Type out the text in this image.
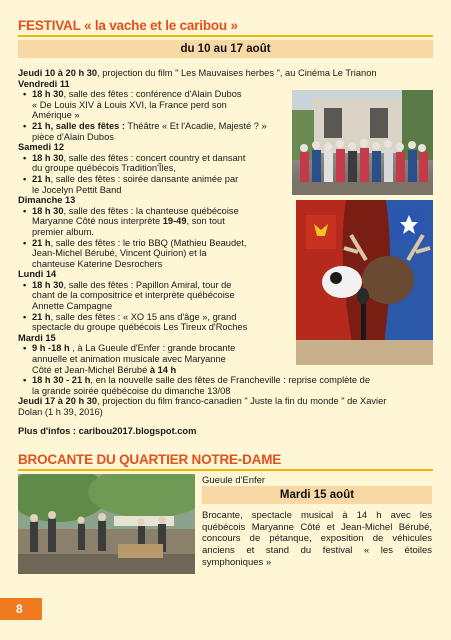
FESTIVAL « la vache et le caribou »
du 10 au 17 août
Jeudi 10 à 20 h 30, projection du film " Les Mauvaises herbes ", au Cinéma Le Trianon
Vendredi 11
• 18 h 30, salle des fêtes : conférence d'Alain Dubos
« De Louis XIV à Louis XVI, la France perd son
Amérique »
• 21 h, salle des fêtes : Théâtre « Et l'Acadie, Majesté ? »
pièce d'Alain Dubos
Samedi 12
• 18 h 30, salle des fêtes : concert country et dansant
du groupe québécois Tradition'Îles,
• 21 h, salle des fêtes : soirée dansante animée par
le Jocelyn Pettit Band
Dimanche 13
• 18 h 30, salle des fêtes : la chanteuse québécoise
Maryanne Côté nous interprète 19-49, son tout
premier album.
• 21 h, salle des fêtes : le trio BBQ (Mathieu Beaudet,
Jean-Michel Bérubé, Vincent Quirion) et la
chanteuse Katerine Desrochers
Lundi 14
• 18 h 30, salle des fêtes : Papillon Amiral, tour de
chant de la compositrice et interprète québécoise
Annette Campagne
• 21 h, salle des fêtes : « XO 15 ans d'âge », grand
spectacle du groupe québécois Les Tireux d'Roches
Mardi 15
• 9 h -18 h , à La Gueule d'Enfer : grande brocante
annuelle et animation musicale avec Maryanne
Côté et Jean-Michel Bérubé à 14 h
• 18 h 30 - 21 h, en la nouvelle salle des fêtes de Francheville : reprise complète de
la grande soirée québécoise du dimanche 13/08
Jeudi 17 à 20 h 30, projection du film franco-canadien " Juste la fin du monde " de Xavier
Dolan (1 h 39, 2016)
Plus d'infos : caribou2017.blogspot.com
BROCANTE DU QUARTIER NOTRE-DAME
Gueule d'Enfer
Mardi 15 août
Brocante, spectacle musical à 14 h avec les québécois Maryanne Côté et Jean-Michel Bérubé, concours de pétanque, exposition de véhicules anciens et stand du festival « les étoiles symphoniques »
8
